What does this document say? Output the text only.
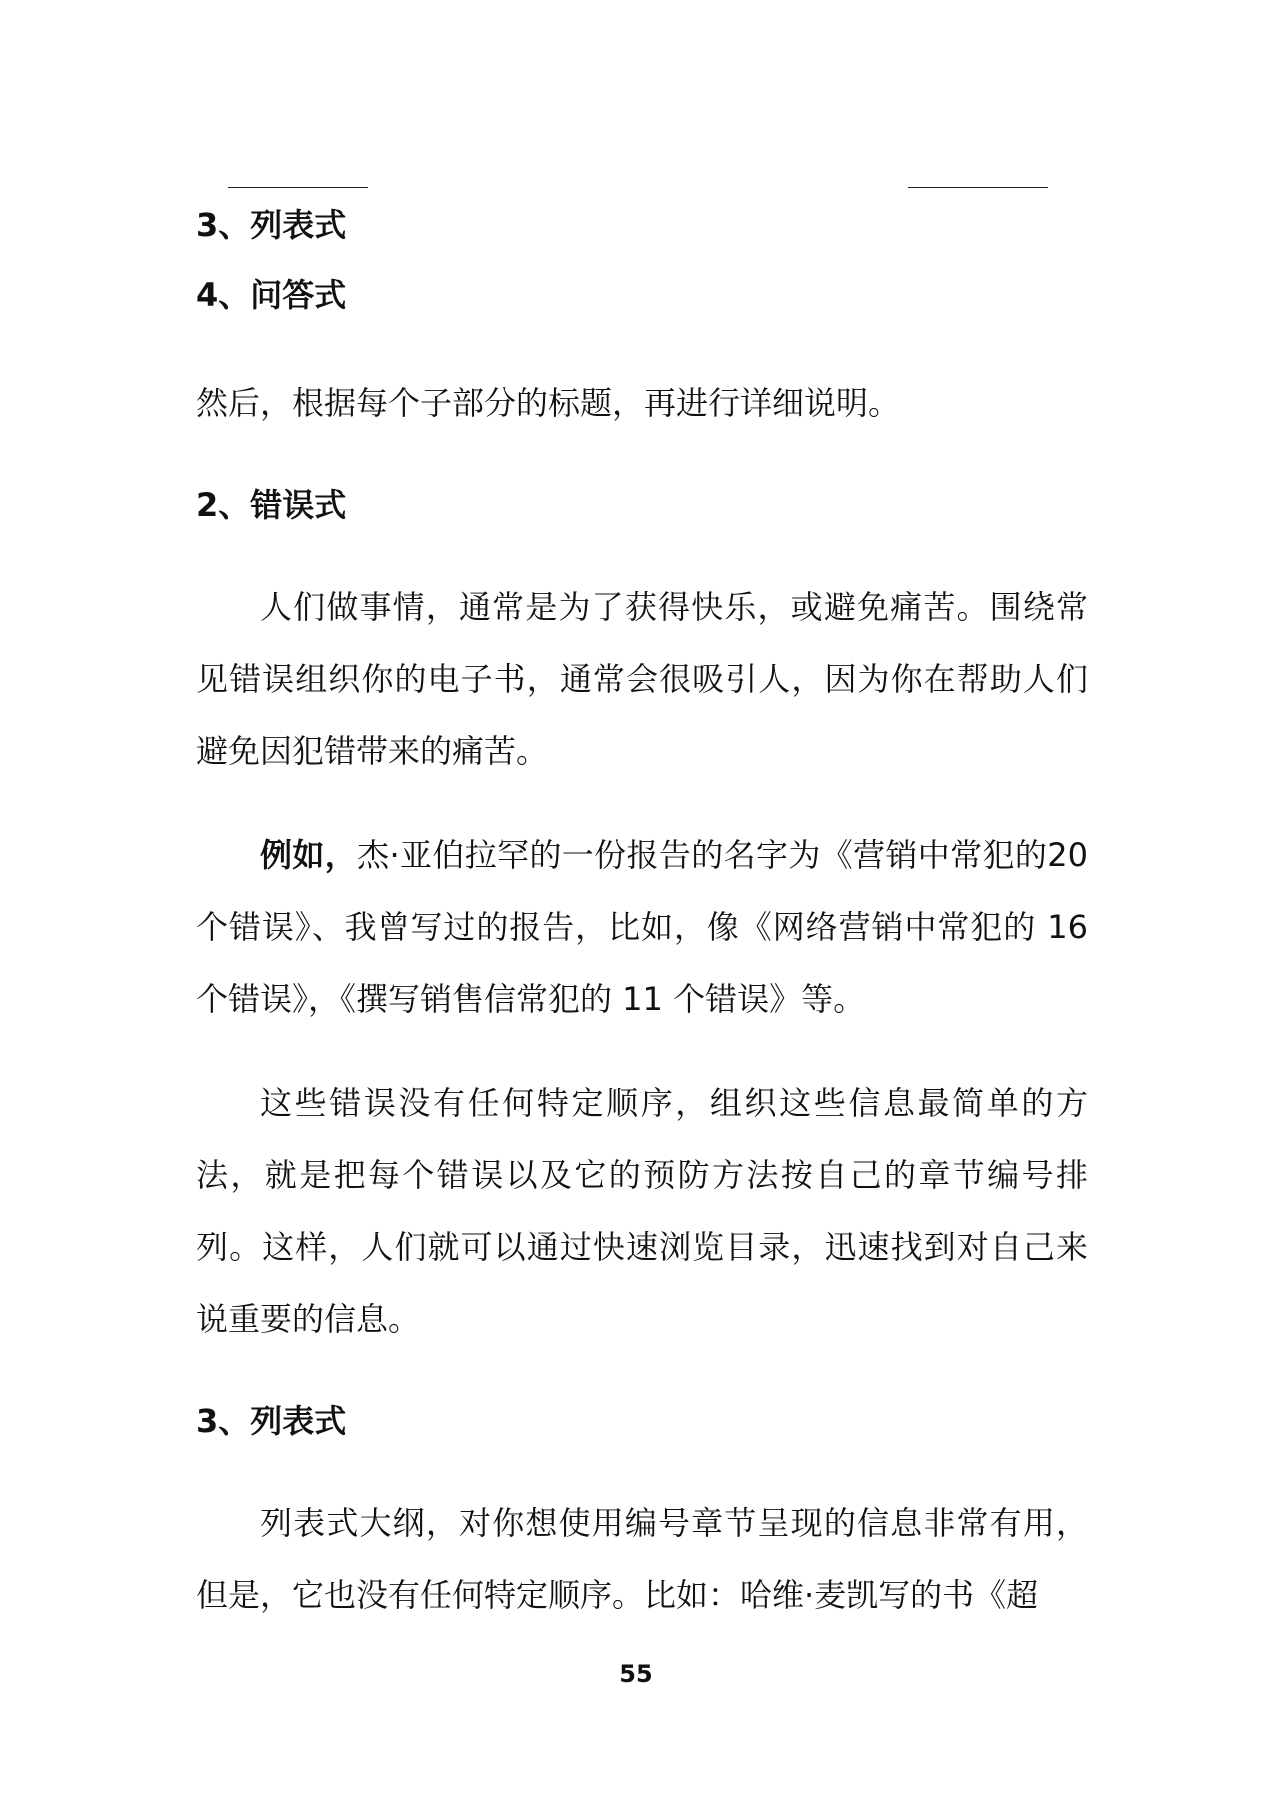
3、列表式

4、问答式

然后，根据每个子部分的标题，再进行详细说明。

2、错误式

人们做事情，通常是为了获得快乐，或避免痛苦。围绕常见错误组织你的电子书，通常会很吸引人，因为你在帮助人们避免因犯错带来的痛苦。

例如，杰·亚伯拉罕的一份报告的名字为《营销中常犯的20 个错误》、我曾写过的报告，比如，像《网络营销中常犯的 16 个错误》，《撰写销售信常犯的 11 个错误》等。

这些错误没有任何特定顺序，组织这些信息最简单的方法，就是把每个错误以及它的预防方法按自己的章节编号排列。这样，人们就可以通过快速浏览目录，迅速找到对自己来说重要的信息。

3、列表式

列表式大纲，对你想使用编号章节呈现的信息非常有用，但是，它也没有任何特定顺序。比如：哈维·麦凯写的书《超

55
